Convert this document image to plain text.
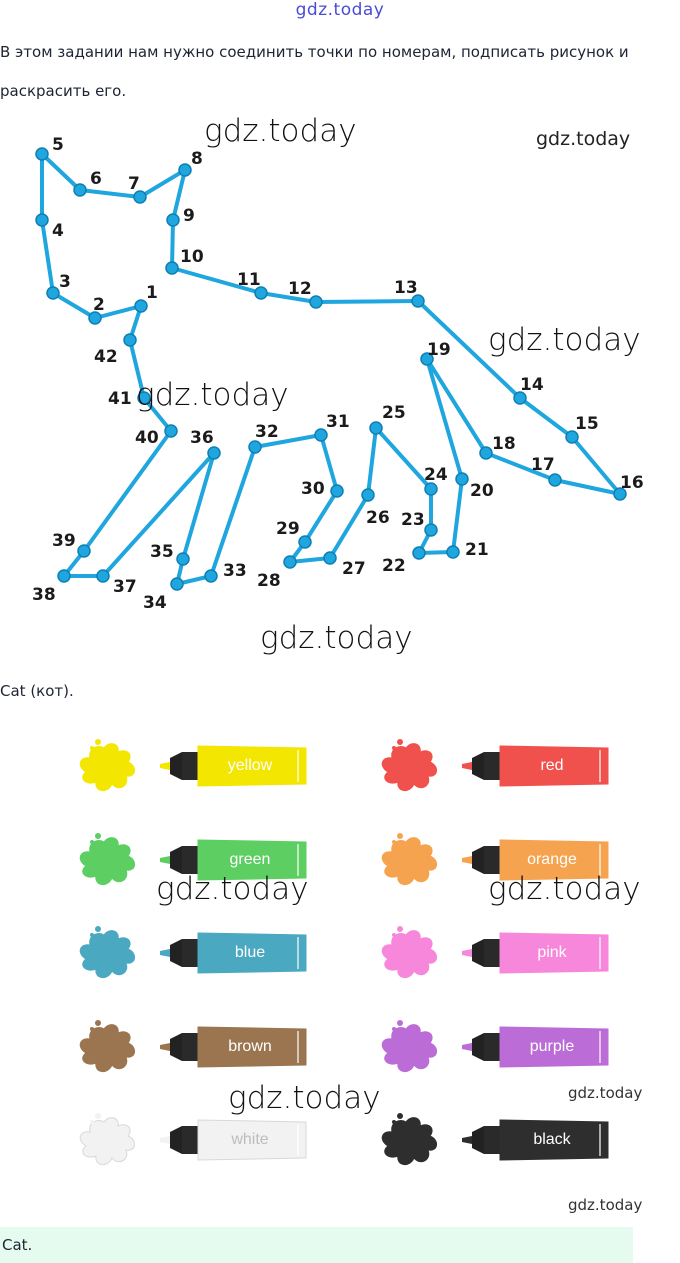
gdz.today
В этом задании нам нужно соединить точки по номерам, подписать рисунок и
раскрасить его.
1
2
3
4
5
6 7
8
9
10
11 12	13
14
15
16
17
18
19
20
21
22
23
24
25
26
27
28
29
30
31
32
33
34
35
36
37
38
39
40
41
42
gdz.today	gdz.today
gdz.today
gdz.today
gdz.today
Cat (кот).
yellow	red
green	orange
blue	pink
brown	purple
white	black
gdz.today	gdz.today
gdz.today	gdz.today
gdz.today
Cat.
